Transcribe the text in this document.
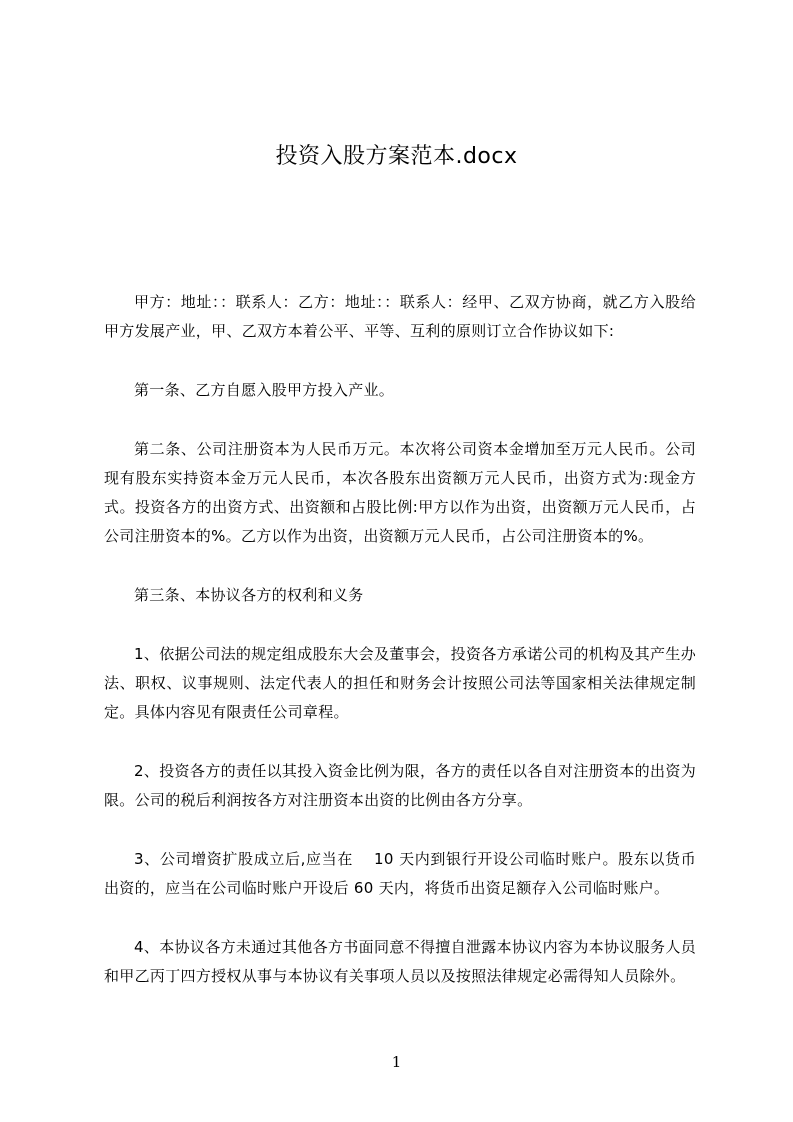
投资入股方案范本.docx

甲方：地址：：联系人：乙方：地址：：联系人：经甲、乙双方协商，就乙方入股给甲方发展产业，甲、乙双方本着公平、平等、互利的原则订立合作协议如下:

第一条、乙方自愿入股甲方投入产业。

第二条、公司注册资本为人民币万元。本次将公司资本金增加至万元人民币。公司现有股东实持资本金万元人民币，本次各股东出资额万元人民币，出资方式为:现金方式。投资各方的出资方式、出资额和占股比例:甲方以作为出资，出资额万元人民币，占公司注册资本的%。乙方以作为出资，出资额万元人民币，占公司注册资本的%。

第三条、本协议各方的权利和义务

1、依据公司法的规定组成股东大会及董事会，投资各方承诺公司的机构及其产生办法、职权、议事规则、法定代表人的担任和财务会计按照公司法等国家相关法律规定制定。具体内容见有限责任公司章程。

2、投资各方的责任以其投入资金比例为限，各方的责任以各自对注册资本的出资为限。公司的税后利润按各方对注册资本出资的比例由各方分享。

3、公司增资扩股成立后,应当在　 10 天内到银行开设公司临时账户。股东以货币出资的，应当在公司临时账户开设后 60 天内，将货币出资足额存入公司临时账户。

4、本协议各方未通过其他各方书面同意不得擅自泄露本协议内容为本协议服务人员和甲乙丙丁四方授权从事与本协议有关事项人员以及按照法律规定必需得知人员除外。

1
